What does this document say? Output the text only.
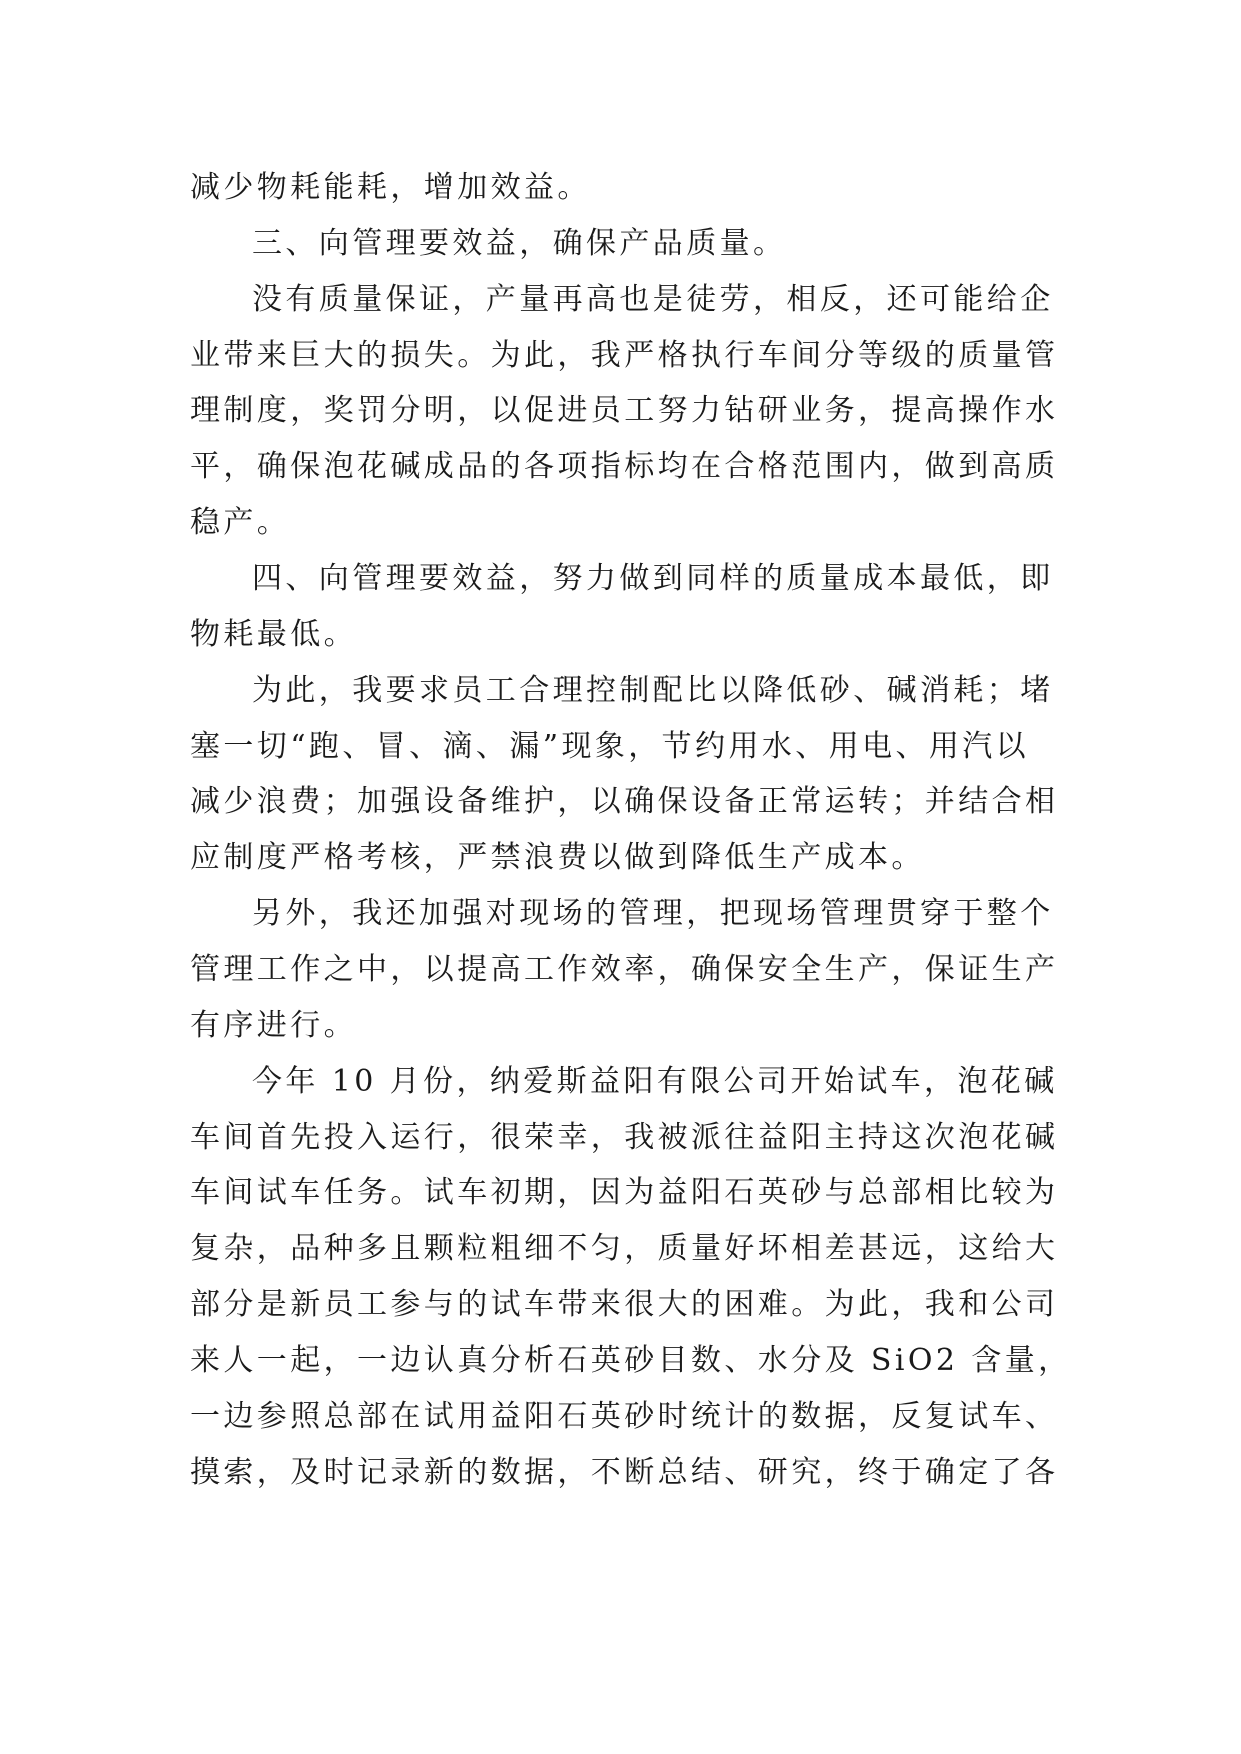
减少物耗能耗，增加效益。
三、向管理要效益，确保产品质量。
没有质量保证，产量再高也是徒劳，相反，还可能给企
业带来巨大的损失。为此，我严格执行车间分等级的质量管
理制度，奖罚分明，以促进员工努力钻研业务，提高操作水
平，确保泡花碱成品的各项指标均在合格范围内，做到高质
稳产。
四、向管理要效益，努力做到同样的质量成本最低，即
物耗最低。
为此，我要求员工合理控制配比以降低砂、碱消耗；堵
塞一切“跑、冒、滴、漏”现象，节约用水、用电、用汽以
减少浪费；加强设备维护，以确保设备正常运转；并结合相
应制度严格考核，严禁浪费以做到降低生产成本。
另外，我还加强对现场的管理，把现场管理贯穿于整个
管理工作之中，以提高工作效率，确保安全生产，保证生产
有序进行。
今年 10 月份，纳爱斯益阳有限公司开始试车，泡花碱
车间首先投入运行，很荣幸，我被派往益阳主持这次泡花碱
车间试车任务。试车初期，因为益阳石英砂与总部相比较为
复杂，品种多且颗粒粗细不匀，质量好坏相差甚远，这给大
部分是新员工参与的试车带来很大的困难。为此，我和公司
来人一起，一边认真分析石英砂目数、水分及 SiO2 含量，
一边参照总部在试用益阳石英砂时统计的数据，反复试车、
摸索，及时记录新的数据，不断总结、研究，终于确定了各
